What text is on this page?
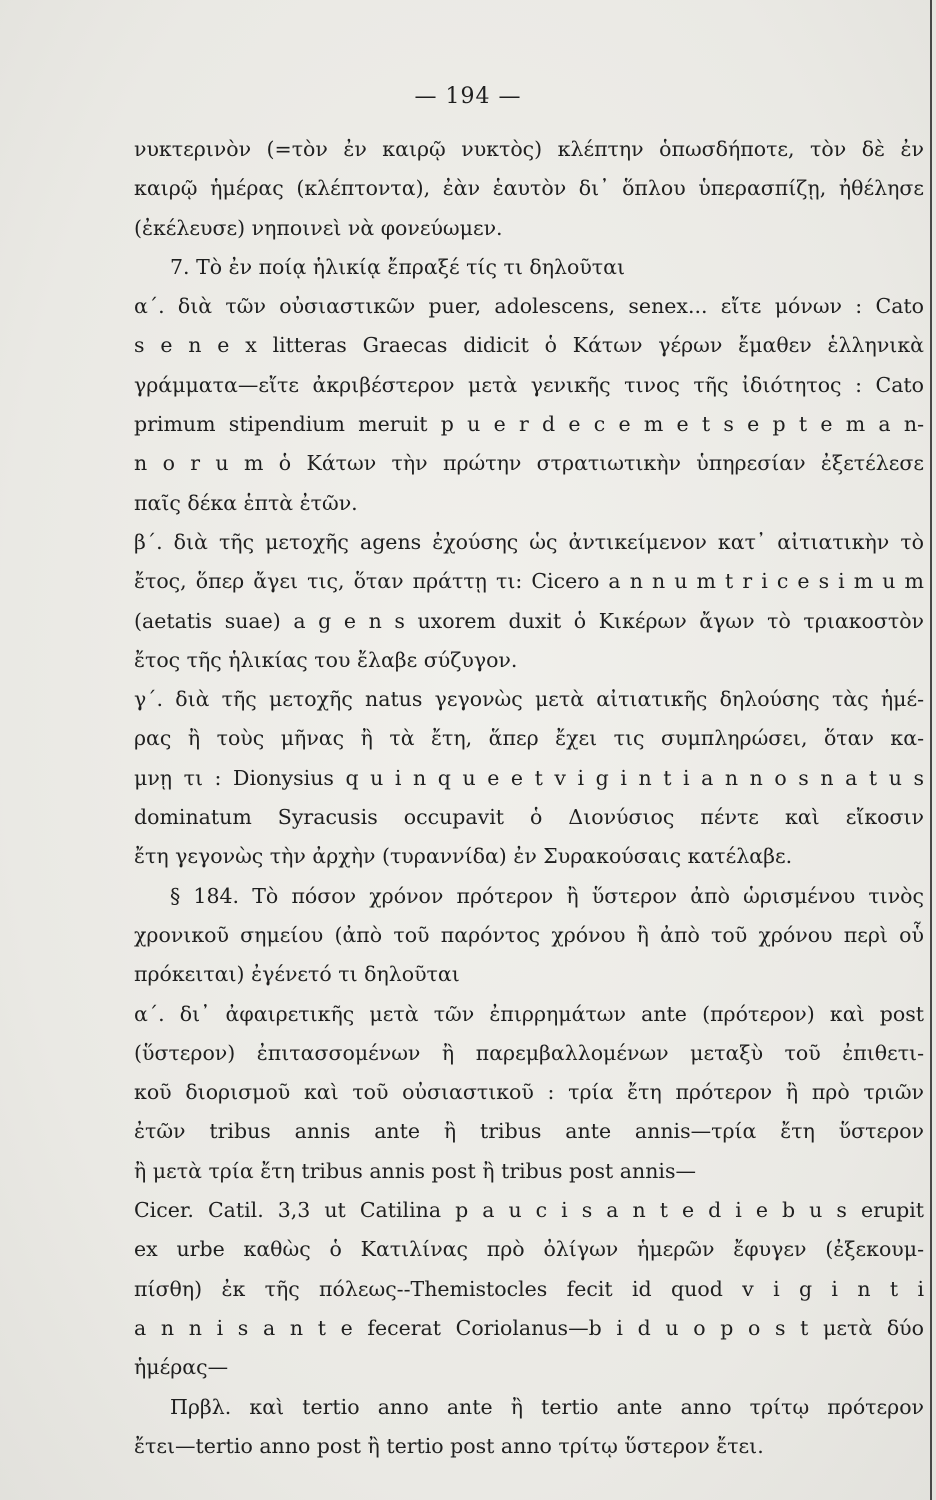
— 194 —
νυκτερινὸν (=τὸν ἐν καιρῷ νυκτὸς) κλέπτην ὁπωσδήποτε, τὸν δὲ ἐν
καιρῷ ἡμέρας (κλέπτοντα), ἐὰν ἑαυτὸν δι᾽ ὅπλου ὑπερασπίζῃ, ἠθέλησε
(ἐκέλευσε) νηποινεὶ νὰ φονεύωμεν.
7. Τὸ ἐν ποίᾳ ἡλικίᾳ ἔπραξέ τίς τι δηλοῦται
α΄. διὰ τῶν οὐσιαστικῶν puer, adolescens, senex... εἴτε μόνων : Cato
s e n e x litteras Graecas didicit ὁ Κάτων γέρων ἔμαθεν ἑλληνικὰ
γράμματα—εἴτε ἀκριβέστερον μετὰ γενικῆς τινος τῆς ἰδιότητος : Cato
primum stipendium meruit p u e r d e c e m e t s e p t e m a n-
n o r u m ὁ Κάτων τὴν πρώτην στρατιωτικὴν ὑπηρεσίαν ἐξετέλεσε
παῖς δέκα ἑπτὰ ἐτῶν.
β΄. διὰ τῆς μετοχῆς agens ἐχούσης ὡς ἀντικείμενον κατ᾽ αἰτιατικὴν τὸ
ἔτος, ὅπερ ἄγει τις, ὅταν πράττῃ τι: Cicero a n n u m t r i c e s i m u m
(aetatis suae) a g e n s uxorem duxit ὁ Κικέρων ἄγων τὸ τριακοστὸν
ἔτος τῆς ἡλικίας του ἔλαβε σύζυγον.
γ΄. διὰ τῆς μετοχῆς natus γεγονὼς μετὰ αἰτιατικῆς δηλούσης τὰς ἡμέ-
ρας ἢ τοὺς μῆνας ἢ τὰ ἔτη, ἅπερ ἔχει τις συμπληρώσει, ὅταν κα-
μνῃ τι : Dionysius q u i n q u e e t v i g i n t i a n n o s n a t u s
dominatum Syracusis occupavit ὁ Διονύσιος πέντε καὶ εἴκοσιν
ἔτη γεγονὼς τὴν ἀρχὴν (τυραννίδα) ἐν Συρακούσαις κατέλαβε.
§ 184. Τὸ πόσον χρόνον πρότερον ἢ ὕστερον ἀπὸ ὡρισμένου τινὸς
χρονικοῦ σημείου (ἀπὸ τοῦ παρόντος χρόνου ἢ ἀπὸ τοῦ χρόνου περὶ οὗ
πρόκειται) ἐγένετό τι δηλοῦται
α΄. δι᾽ ἀφαιρετικῆς μετὰ τῶν ἐπιρρημάτων ante (πρότερον) καὶ post
(ὕστερον) ἐπιτασσομένων ἢ παρεμβαλλομένων μεταξὺ τοῦ ἐπιθετι-
κοῦ διορισμοῦ καὶ τοῦ οὐσιαστικοῦ : τρία ἔτη πρότερον ἢ πρὸ τριῶν
ἐτῶν tribus annis ante ἢ tribus ante annis—τρία ἔτη ὕστερον
ἢ μετὰ τρία ἔτη tribus annis post ἢ tribus post annis—
Cicer. Catil. 3,3 ut Catilina p a u c i s a n t e d i e b u s erupit
ex urbe καθὼς ὁ Κατιλίνας πρὸ ὀλίγων ἡμερῶν ἔφυγεν (ἐξεκουμ-
πίσθη) ἐκ τῆς πόλεως--Themistocles fecit id quod v i g i n t i
a n n i s a n t e fecerat Coriolanus—b i d u o p o s t μετὰ δύο
ἡμέρας—
Πρβλ. καὶ tertio anno ante ἢ tertio ante anno τρίτῳ πρότερον
ἔτει—tertio anno post ἢ tertio post anno τρίτῳ ὕστερον ἔτει.
